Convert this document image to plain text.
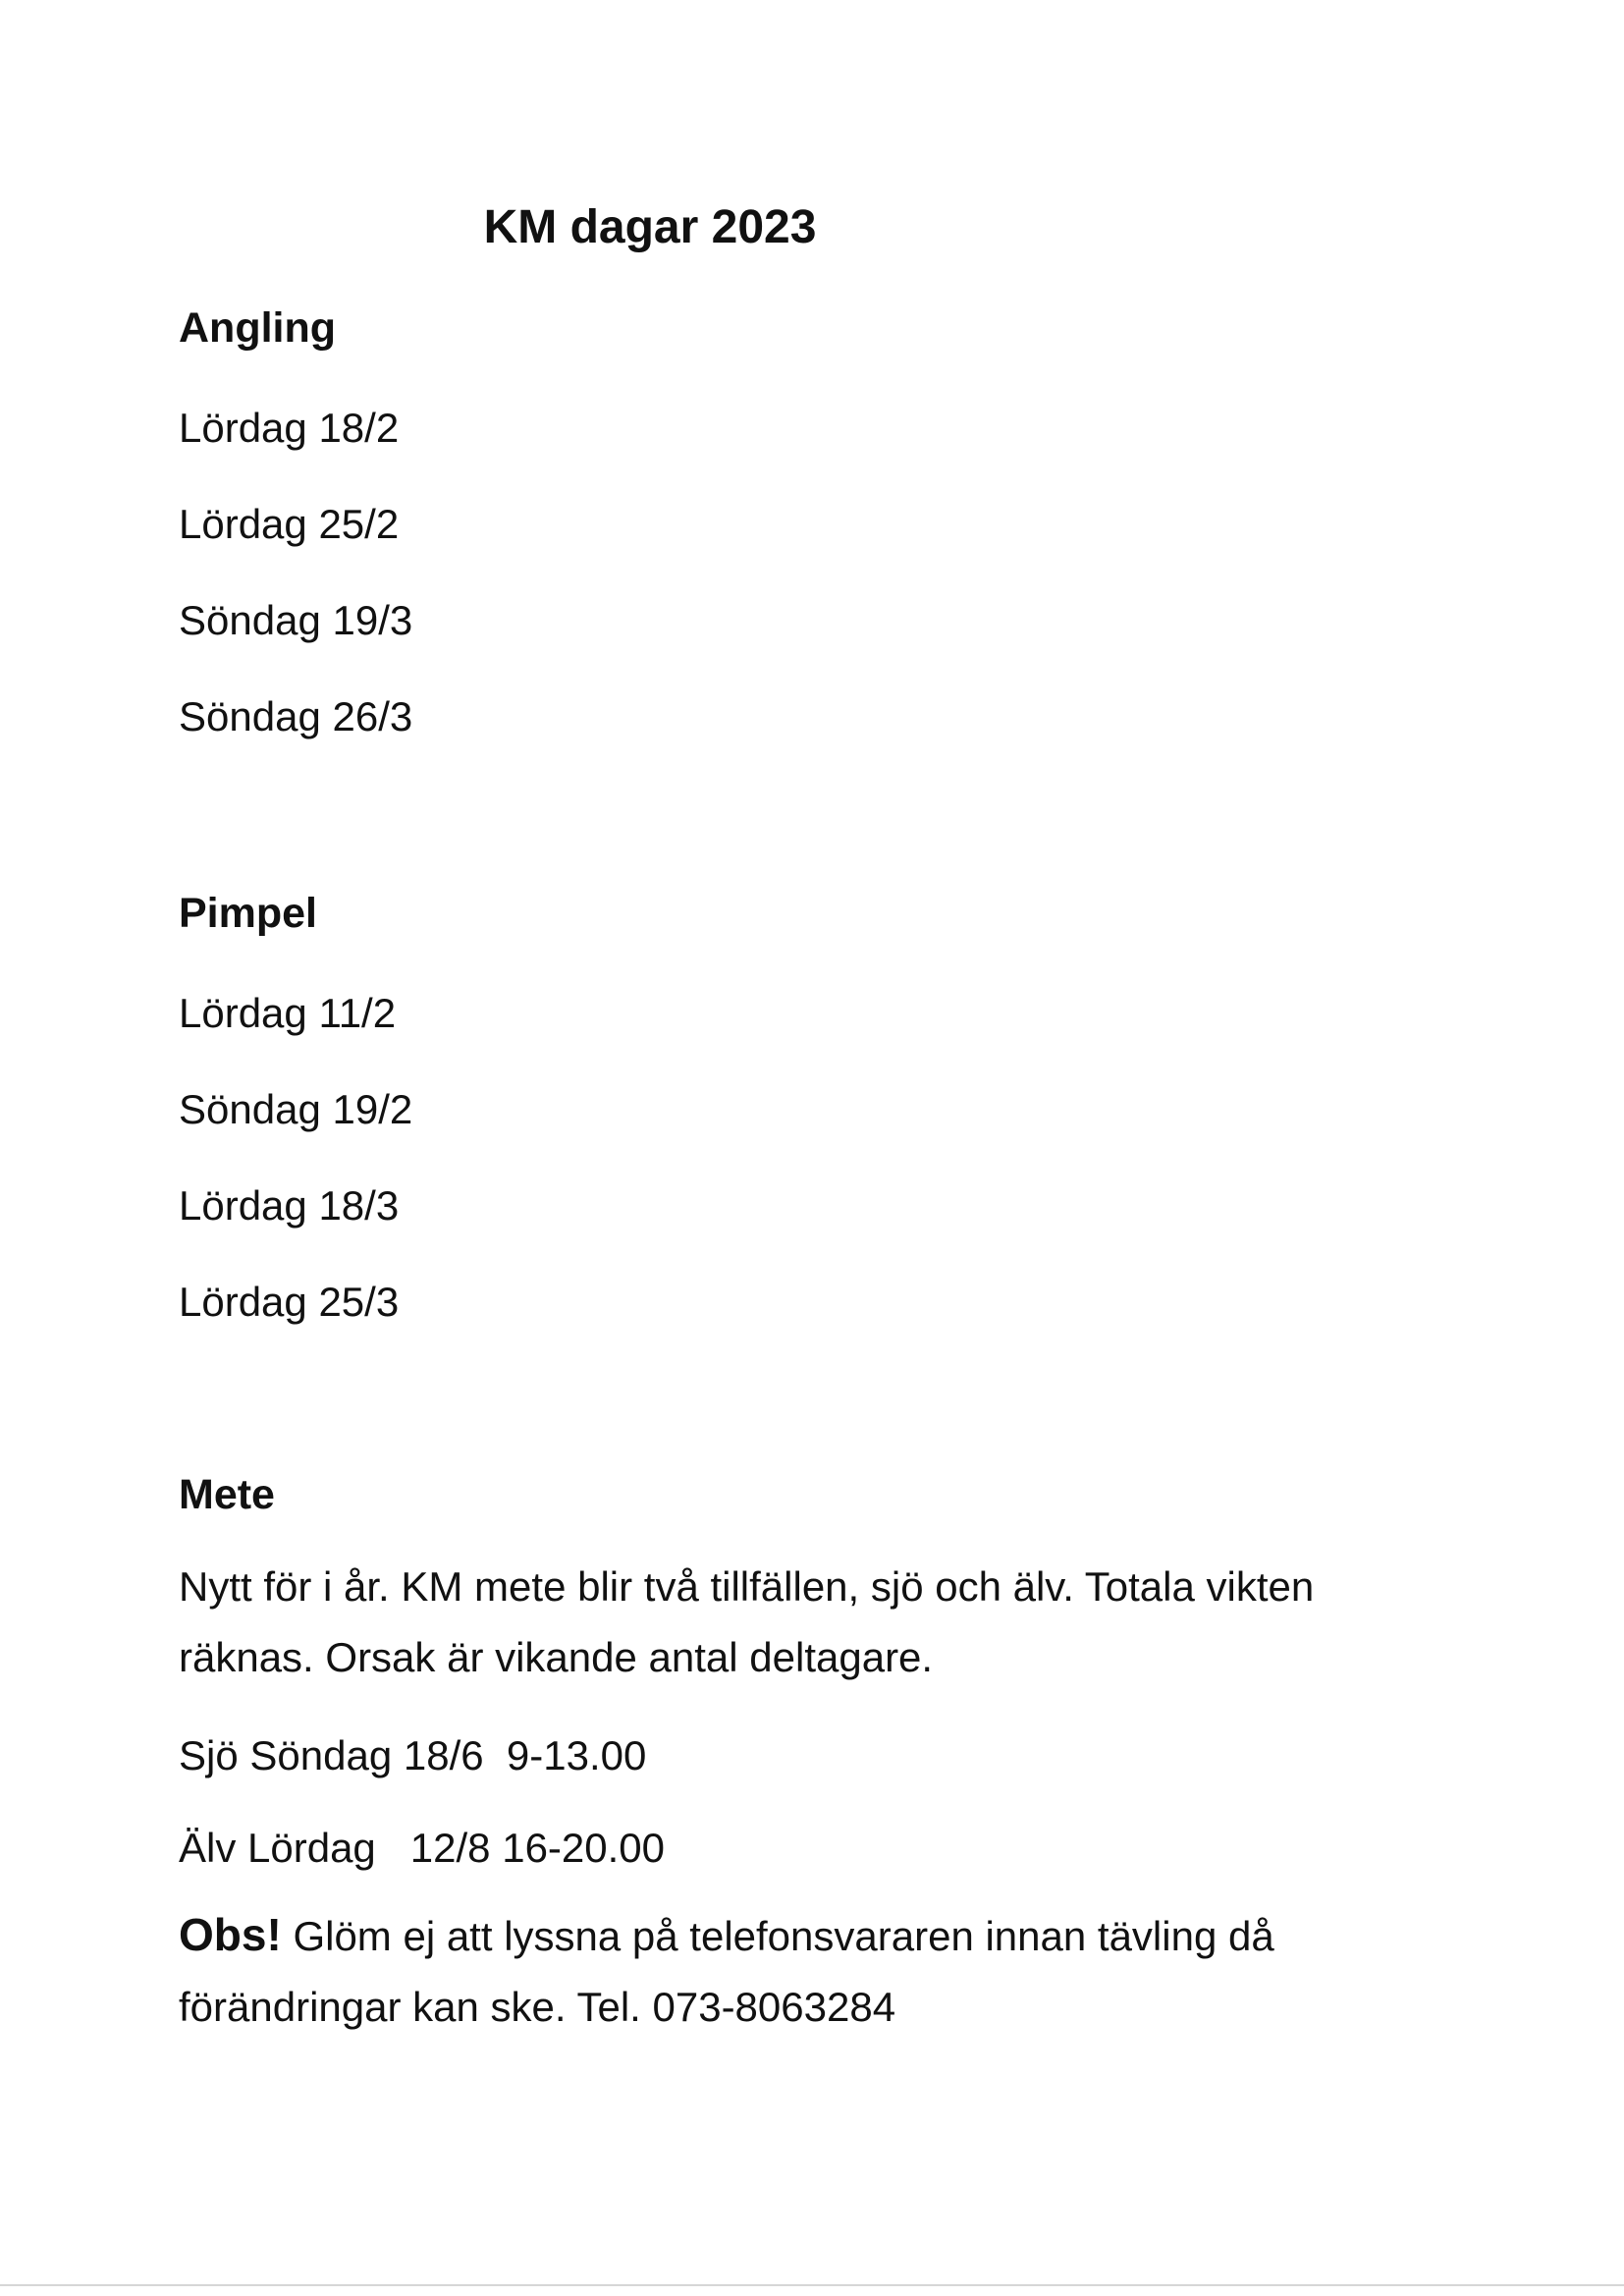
KM dagar 2023
Angling
Lördag 18/2
Lördag 25/2
Söndag 19/3
Söndag 26/3
Pimpel
Lördag 11/2
Söndag 19/2
Lördag 18/3
Lördag 25/3
Mete

Nytt för i år. KM mete blir två tillfällen, sjö och älv. Totala vikten räknas. Orsak är vikande antal deltagare.

Sjö Söndag 18/6  9-13.00
Älv Lördag   12/8 16-20.00

Obs! Glöm ej att lyssna på telefonsvararen innan tävling då förändringar kan ske. Tel. 073-8063284
